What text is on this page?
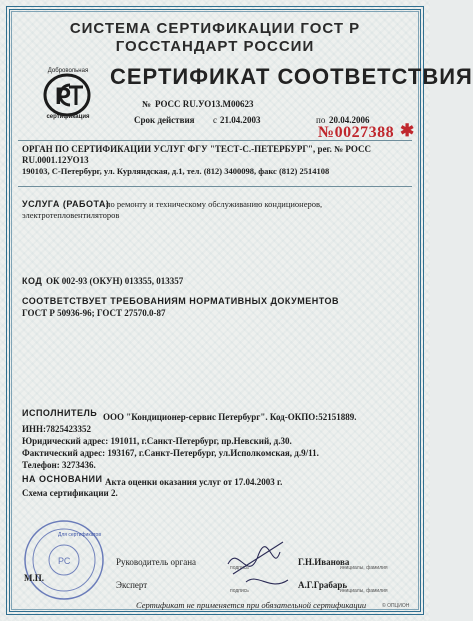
СИСТЕМА СЕРТИФИКАЦИИ ГОСТ Р
ГОССТАНДАРТ РОССИИ
Р
Добровольная
сертификация
СЕРТИФИКАТ СООТВЕТСТВИЯ
№ РОСС RU.УО13.М00623
Срок действия с 21.04.2003	по 20.04.2006
№0027388 ✱
ОРГАН ПО СЕРТИФИКАЦИИ УСЛУГ ФГУ "ТЕСТ-С.-ПЕТЕРБУРГ", рег. № РОСС
RU.0001.12УО13
190103, С-Петербург, ул. Курляндская, д.1, тел. (812) 3400098, факс (812) 2514108
УСЛУГА (РАБОТА)
по ремонту и техническому обслуживанию кондиционеров,
электротепловентиляторов
КОД ОК 002-93 (ОКУН) 013355, 013357
СООТВЕТСТВУЕТ ТРЕБОВАНИЯМ НОРМАТИВНЫХ ДОКУМЕНТОВ
ГОСТ Р 50936-96; ГОСТ 27570.0-87
ИСПОЛНИТЕЛЬ ООО "Кондиционер-сервис Петербург". Код-ОКПО:52151889.
ИНН:7825423352
Юридический адрес: 191011, г.Санкт-Петербург, пр.Невский, д.30.
Фактический адрес: 193167, г.Санкт-Петербург, ул.Исполкомская, д.9/11.
Телефон: 3273436.
НА ОСНОВАНИИ Акта оценки оказания услуг от 17.04.2003 г.
Схема сертификации 2.
РС
М.П.
Для сертификатов
Руководитель органа	Г.Н.Иванова
подпись	инициалы, фамилия
Эксперт	А.Г.Грабарь
подпись	инициалы, фамилия
Сертификат не применяется при обязательной сертификации	© ОПЦИОН
